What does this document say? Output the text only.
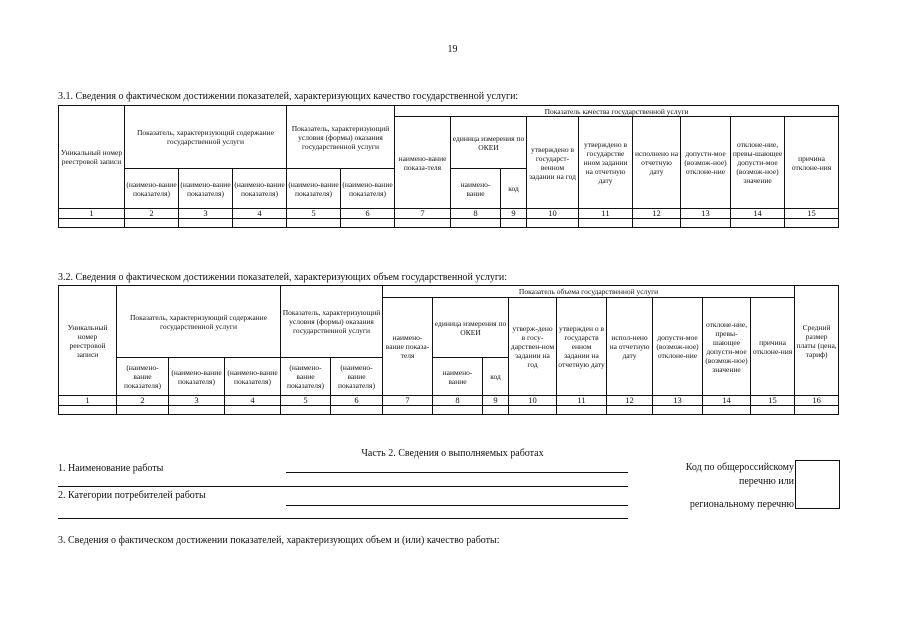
19
3.1. Сведения о фактическом достижении показателей, характеризующих качество государственной услуги:
Уникальный номер реестровой записи	Показатель, характеризующий содержание государственной услуги			Показатель, характеризующий условия (формы) оказания государственной услуги		Показатель качества государственной услуги								
						наимено-вание показа-теля	единица измерения по ОКЕИ		утверждено в государст-венном задании на год	утверждено в государстве нном задании на отчетную дату	исполнено на отчетную дату	допусти-мое (возмож-ное) отклоне-ние	отклоне-ние, превы-шающее допусти-мое (возмож-ное) значение	причина отклоне-ния
	(наимено-вание показателя)	(наимено-вание показателя)	(наимено-вание показателя)	(наимено-вание показателя)	(наимено-вание показателя)		наимено-вание	код						
1	2	3	4	5	6	7	8	9	10	11	12	13	14	15

3.2. Сведения о фактическом достижении показателей, характеризующих объем государственной услуги:
Уникальный номер реестровой записи	Показатель, характеризующий содержание государственной услуги			Показатель, характеризующий условия (формы) оказания государственной услуги		Показатель объема государственной услуги									Средний размер платы (цена, тариф)
						наимено-вание показа-теля	единица измерения по ОКЕИ		утверж-дено в госу-дарствен-ном задании на год	утвержден о в государств енном задании на отчетную дату	испол-нено на отчетную дату	допусти-мое (возмож-ное) отклоне-ние	отклоне-ние, превы-шающее допусти-мое (возмож-ное) значение	причина отклоне-ния	
	(наимено-вание показателя)	(наимено-вание показателя)	(наимено-вание показателя)	(наимено-вание показателя)	(наимено-вание показателя)		наимено-вание	код							
1	2	3	4	5	6	7	8	9	10	11	12	13	14	15	16

Часть 2. Сведения о выполняемых работах
1. Наименование работы
2. Категории потребителей работы
Код по общероссийскому
перечню или
региональному перечню
3. Сведения о фактическом достижении показателей, характеризующих объем и (или) качество работы:
